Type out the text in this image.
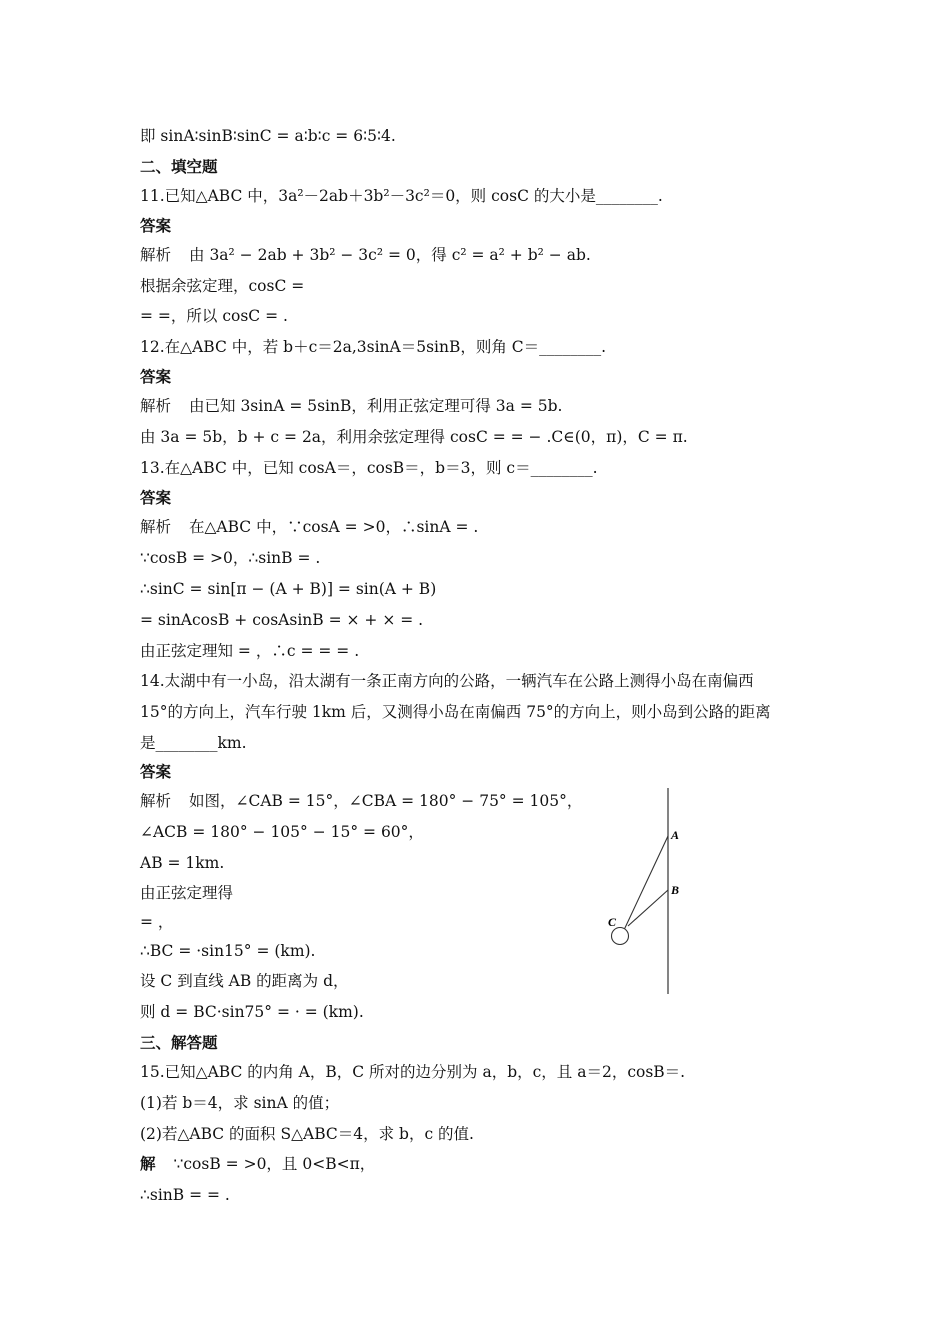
即 sinA∶sinB∶sinC = a∶b∶c = 6∶5∶4.
二、填空题
11.已知△ABC 中，3a²－2ab＋3b²－3c²＝0，则 cosC 的大小是________.
答案
解析 由 3a² − 2ab + 3b² − 3c² = 0，得 c² = a² + b² − ab.
根据余弦定理，cosC =
= =，所以 cosC = .
12.在△ABC 中，若 b＋c＝2a,3sinA＝5sinB，则角 C＝________.
答案
解析 由已知 3sinA = 5sinB，利用正弦定理可得 3a = 5b.
由 3a = 5b，b + c = 2a，利用余弦定理得 cosC = = − .C∈(0，π)，C = π.
13.在△ABC 中，已知 cosA＝，cosB＝，b＝3，则 c＝________.
答案
解析 在△ABC 中，∵cosA = >0，∴sinA = .
∵cosB = >0，∴sinB = .
∴sinC = sin[π − (A + B)] = sin(A + B)
= sinAcosB + cosAsinB = × + × = .
由正弦定理知 = ，∴c = = = .
14.太湖中有一小岛，沿太湖有一条正南方向的公路，一辆汽车在公路上测得小岛在南偏西
15°的方向上，汽车行驶 1km 后，又测得小岛在南偏西 75°的方向上，则小岛到公路的距离
是________km.
答案
解析 如图，∠CAB = 15°，∠CBA = 180° − 75° = 105°，
∠ACB = 180° − 105° − 15° = 60°，
AB = 1km.
由正弦定理得
= ，
∴BC = ·sin15° = (km).
设 C 到直线 AB 的距离为 d，
则 d = BC·sin75° = · = (km).
三、解答题
15.已知△ABC 的内角 A，B，C 所对的边分别为 a，b，c，且 a＝2，cosB＝.
(1)若 b＝4，求 sinA 的值；
(2)若△ABC 的面积 S△ABC＝4，求 b，c 的值.
解 ∵cosB = >0，且 0<B<π，
∴sinB = = .
A
B
C
